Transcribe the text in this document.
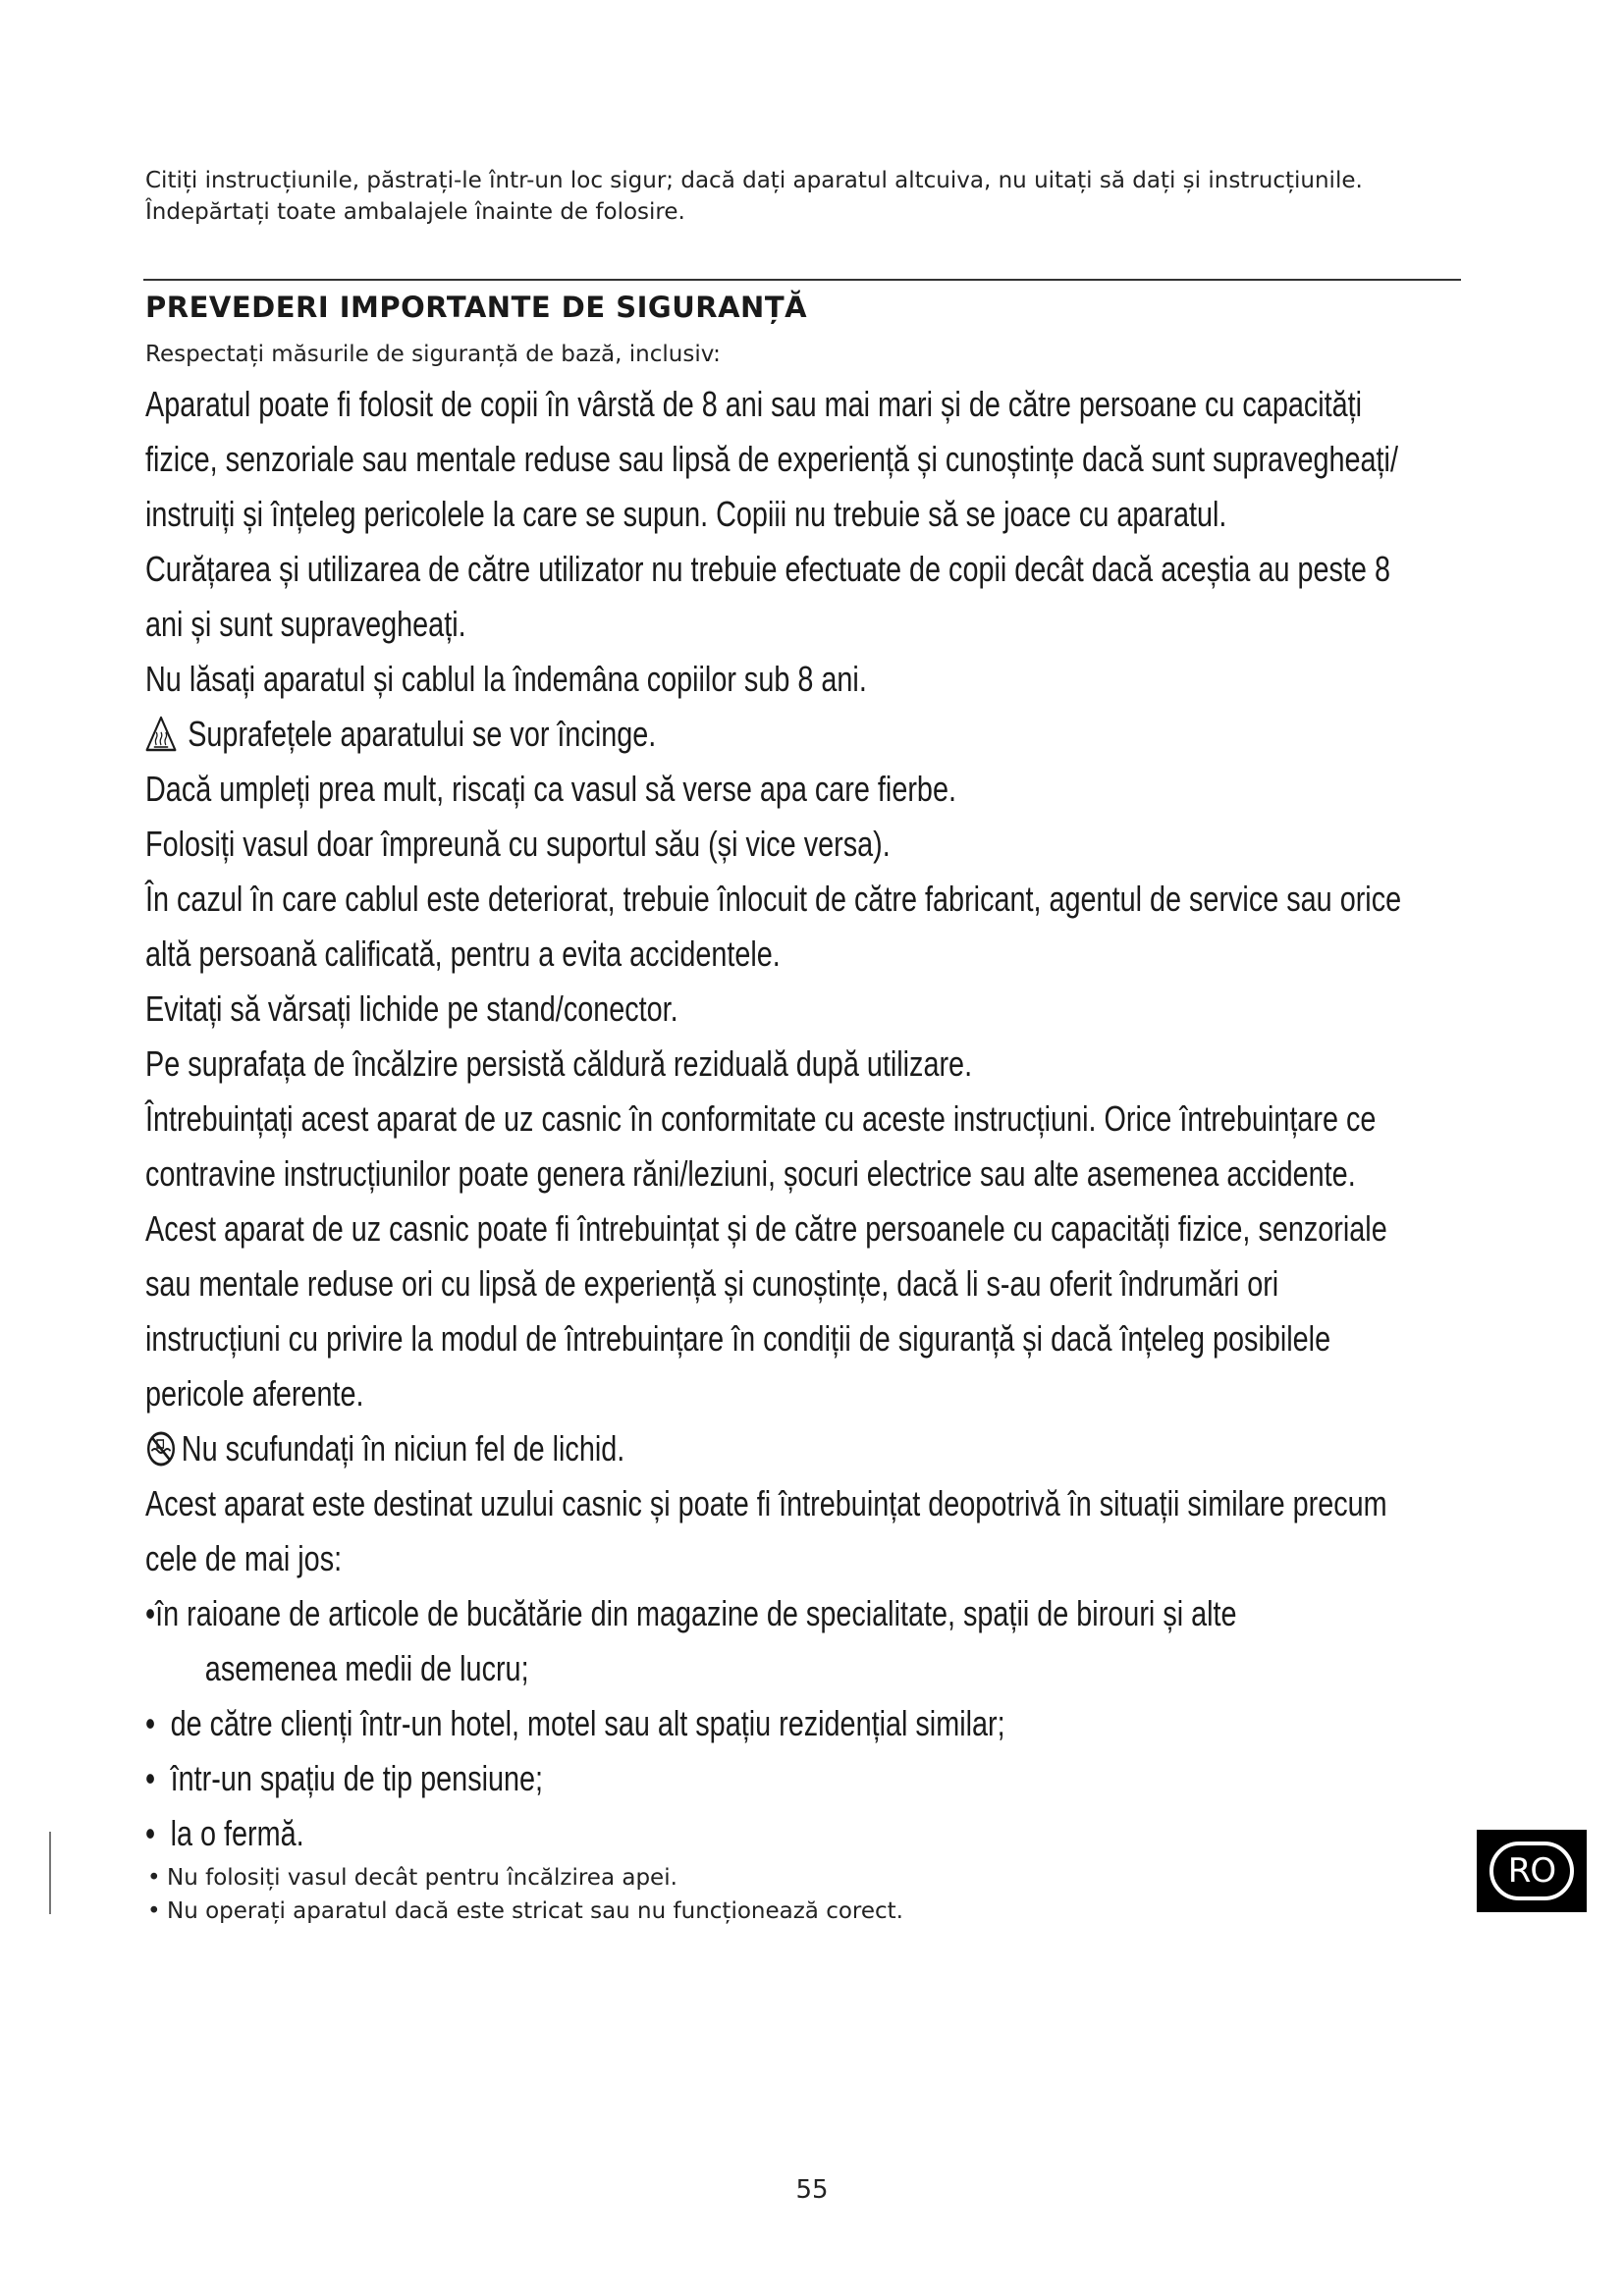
Citiți instrucțiunile, păstrați-le într-un loc sigur; dacă dați aparatul altcuiva, nu uitați să dați și instrucțiunile.
Îndepărtați toate ambalajele înainte de folosire.
PREVEDERI IMPORTANTE DE SIGURANȚĂ
Respectați măsurile de siguranță de bază, inclusiv:
Aparatul poate fi folosit de copii în vârstă de 8 ani sau mai mari și de către persoane cu capacități
fizice, senzoriale sau mentale reduse sau lipsă de experiență și cunoștințe dacă sunt supravegheați/
instruiți și înțeleg pericolele la care se supun. Copiii nu trebuie să se joace cu aparatul.
Curățarea și utilizarea de către utilizator nu trebuie efectuate de copii decât dacă aceștia au peste 8
ani și sunt supravegheați.
Nu lăsați aparatul și cablul la îndemâna copiilor sub 8 ani.
Suprafețele aparatului se vor încinge.
Dacă umpleți prea mult, riscați ca vasul să verse apa care fierbe.
Folosiți vasul doar împreună cu suportul său (și vice versa).
În cazul în care cablul este deteriorat, trebuie înlocuit de către fabricant, agentul de service sau orice
altă persoană calificată, pentru a evita accidentele.
Evitați să vărsați lichide pe stand/conector.
Pe suprafața de încălzire persistă căldură reziduală după utilizare.
Întrebuințați acest aparat de uz casnic în conformitate cu aceste instrucțiuni. Orice întrebuințare ce
contravine instrucțiunilor poate genera răni/leziuni, șocuri electrice sau alte asemenea accidente.
Acest aparat de uz casnic poate fi întrebuințat și de către persoanele cu capacități fizice, senzoriale
sau mentale reduse ori cu lipsă de experiență și cunoștințe, dacă li s-au oferit îndrumări ori
instrucțiuni cu privire la modul de întrebuințare în condiții de siguranță și dacă înțeleg posibilele
pericole aferente.
Nu scufundați în niciun fel de lichid.
Acest aparat este destinat uzului casnic și poate fi întrebuințat deopotrivă în situații similare precum
cele de mai jos:
• în raioane de articole de bucătărie din magazine de specialitate, spații de birouri și alte
asemenea medii de lucru;
• de către clienți într-un hotel, motel sau alt spațiu rezidențial similar;
• într-un spațiu de tip pensiune;
• la o fermă.
• Nu folosiți vasul decât pentru încălzirea apei.
• Nu operați aparatul dacă este stricat sau nu funcționează corect.
RO
55
